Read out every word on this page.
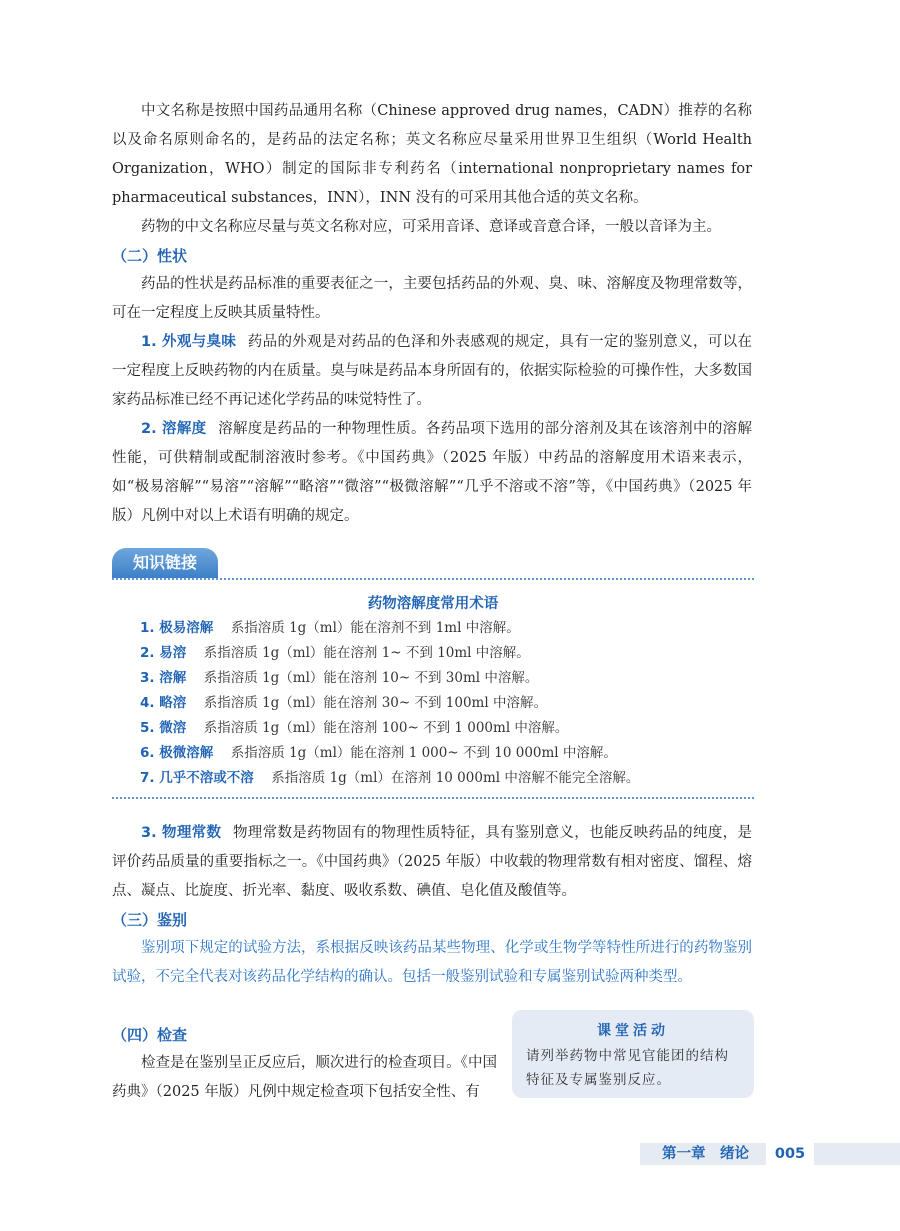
中文名称是按照中国药品通用名称（Chinese approved drug names，CADN）推荐的名称以及命名原则命名的，是药品的法定名称；英文名称应尽量采用世界卫生组织（World Health Organization，WHO）制定的国际非专利药名（international nonproprietary names for pharmaceutical substances，INN），INN 没有的可采用其他合适的英文名称。

药物的中文名称应尽量与英文名称对应，可采用音译、意译或音意合译，一般以音译为主。

（二）性状

药品的性状是药品标准的重要表征之一，主要包括药品的外观、臭、味、溶解度及物理常数等，可在一定程度上反映其质量特性。

1. 外观与臭味 药品的外观是对药品的色泽和外表感观的规定，具有一定的鉴别意义，可以在一定程度上反映药物的内在质量。臭与味是药品本身所固有的，依据实际检验的可操作性，大多数国家药品标准已经不再记述化学药品的味觉特性了。

2. 溶解度 溶解度是药品的一种物理性质。各药品项下选用的部分溶剂及其在该溶剂中的溶解性能，可供精制或配制溶液时参考。《中国药典》（2025 年版）中药品的溶解度用术语来表示，如“极易溶解”“易溶”“溶解”“略溶”“微溶”“极微溶解”“几乎不溶或不溶”等，《中国药典》（2025 年版）凡例中对以上术语有明确的规定。

知识链接
药物溶解度常用术语
1. 极易溶解 系指溶质 1g（ml）能在溶剂不到 1ml 中溶解。
2. 易溶 系指溶质 1g（ml）能在溶剂 1~ 不到 10ml 中溶解。
3. 溶解 系指溶质 1g（ml）能在溶剂 10~ 不到 30ml 中溶解。
4. 略溶 系指溶质 1g（ml）能在溶剂 30~ 不到 100ml 中溶解。
5. 微溶 系指溶质 1g（ml）能在溶剂 100~ 不到 1 000ml 中溶解。
6. 极微溶解 系指溶质 1g（ml）能在溶剂 1 000~ 不到 10 000ml 中溶解。
7. 几乎不溶或不溶 系指溶质 1g（ml）在溶剂 10 000ml 中溶解不能完全溶解。

3. 物理常数 物理常数是药物固有的物理性质特征，具有鉴别意义，也能反映药品的纯度，是评价药品质量的重要指标之一。《中国药典》（2025 年版）中收载的物理常数有相对密度、馏程、熔点、凝点、比旋度、折光率、黏度、吸收系数、碘值、皂化值及酸值等。

（三）鉴别

鉴别项下规定的试验方法，系根据反映该药品某些物理、化学或生物学等特性所进行的药物鉴别试验，不完全代表对该药品化学结构的确认。包括一般鉴别试验和专属鉴别试验两种类型。

（四）检查

检查是在鉴别呈正反应后，顺次进行的检查项目。《中国药典》（2025 年版）凡例中规定检查项下包括安全性、有

课堂活动
请列举药物中常见官能团的结构特征及专属鉴别反应。
第一章　绪论	005
